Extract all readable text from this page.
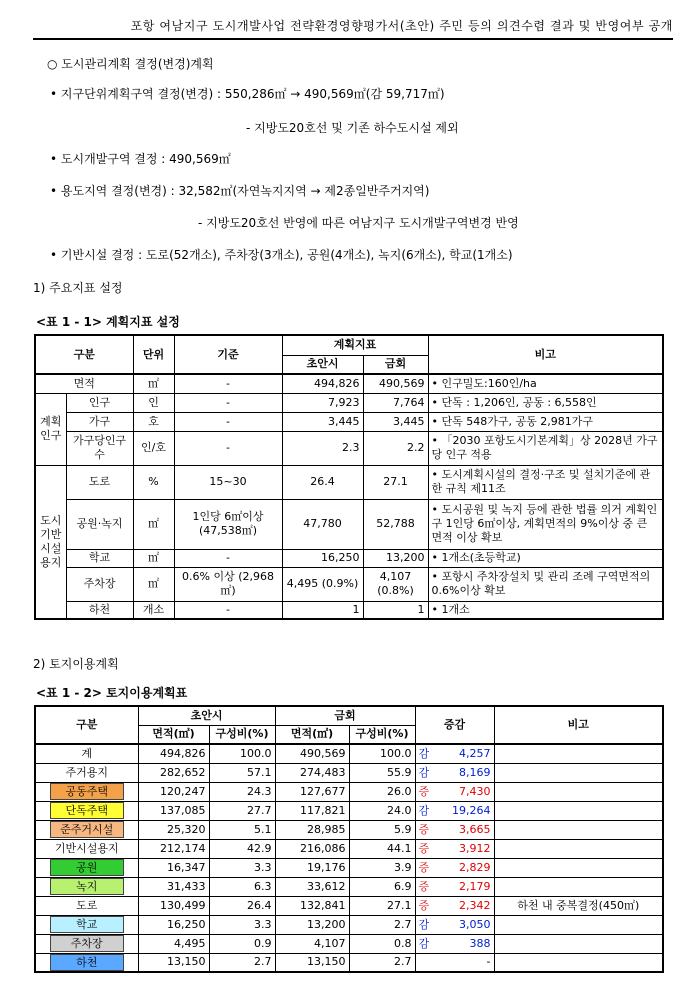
포항 여남지구 도시개발사업 전략환경영향평가서(초안) 주민 등의 의견수렴 결과 및 반영여부 공개
○ 도시관리계획 결정(변경)계획
• 지구단위계획구역 결정(변경) : 550,286㎡ → 490,569㎡(감 59,717㎡)
- 지방도20호선 및 기존 하수도시설 제외
• 도시개발구역 결정 : 490,569㎡
• 용도지역 결정(변경) : 32,582㎡(자연녹지지역 → 제2종일반주거지역)
- 지방도20호선 반영에 따른 여남지구 도시개발구역변경 반영
• 기반시설 결정 : 도로(52개소), 주차장(3개소), 공원(4개소), 녹지(6개소), 학교(1개소)
1) 주요지표 설정
<표 1 - 1> 계획지표 설정
구분		단위	기준	계획지표		비고
				초안시	금회	
면적		㎡	-	494,826	490,569	• 인구밀도:160인/ha
계획 인구	인구	인	-	7,923	7,764	• 단독 : 1,206인, 공동 : 6,558인
	가구	호	-	3,445	3,445	• 단독 548가구, 공동 2,981가구
	가구당인구수	인/호	-	2.3	2.2	• 「2030 포항도시기본계획」상 2028년 가구당 인구 적용
도시 기반 시설 용지	도로	%	15~30	26.4	27.1	• 도시계획시설의 결정·구조 및 설치기준에 관한 규칙 제11조
	공원·녹지	㎡	1인당 6㎡이상 (47,538㎡)	47,780	52,788	• 도시공원 및 녹지 등에 관한 법률 의거 계획인구 1인당 6㎡이상, 계획면적의 9%이상 중 큰 면적 이상 확보
	학교	㎡	-	16,250	13,200	• 1개소(초등학교)
	주차장	㎡	0.6% 이상 (2,968㎡)	4,495 (0.9%)	4,107 (0.8%)	• 포항시 주차장설치 및 관리 조례 구역면적의 0.6%이상 확보
	하천	개소	-	1	1	• 1개소
2) 토지이용계획
<표 1 - 2> 토지이용계획표
구분	초안시		금회		증감	비고
	면적(㎡)	구성비(%)	면적(㎡)	구성비(%)		
계	494,826	100.0	490,569	100.0	감 4,257	

주거용지	282,652	57.1	274,483	55.9	감 8,169	

공동주택	120,247	24.3	127,677	26.0	증 7,430	

단독주택	137,085	27.7	117,821	24.0	감 19,264	

준주거시설	25,320	5.1	28,985	5.9	증 3,665	

기반시설용지	212,174	42.9	216,086	44.1	증 3,912	

공원	16,347	3.3	19,176	3.9	증 2,829	

녹지	31,433	6.3	33,612	6.9	증 2,179	

도로	130,499	26.4	132,841	27.1	증 2,342	하천 내 중복결정(450㎡)
학교	16,250	3.3	13,200	2.7	감 3,050	

주차장	4,495	0.9	4,107	0.8	감 388	

하천	13,150	2.7	13,150	2.7	-	
